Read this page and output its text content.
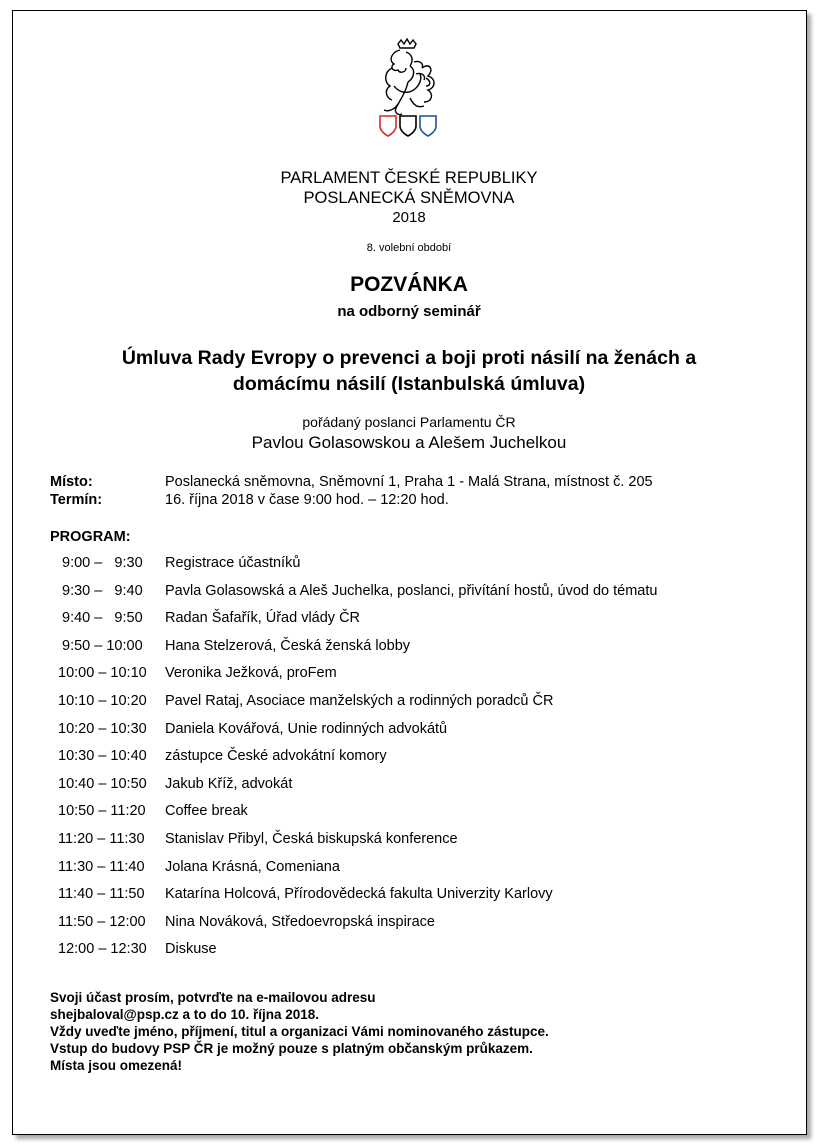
PARLAMENT ČESKÉ REPUBLIKY
POSLANECKÁ SNĚMOVNA
2018
8. volební období
POZVÁNKA
na odborný seminář
Úmluva Rady Evropy o prevenci a boji proti násilí na ženách a
domácímu násilí (Istanbulská úmluva)
pořádaný poslanci Parlamentu ČR
Pavlou Golasowskou a Alešem Juchelkou
Místo:	Poslanecká sněmovna, Sněmovní 1, Praha 1 - Malá Strana, místnost č. 205
Termín:	16. října 2018 v čase 9:00 hod. – 12:20 hod.
PROGRAM:
9:00 –   9:30	Registrace účastníků
9:30 –   9:40	Pavla Golasowská a Aleš Juchelka, poslanci, přivítání hostů, úvod do tématu
9:40 –   9:50	Radan Šafařík, Úřad vlády ČR
9:50 – 10:00	Hana Stelzerová, Česká ženská lobby
10:00 – 10:10 Veronika Ježková, proFem
10:10 – 10:20 Pavel Rataj, Asociace manželských a rodinných poradců ČR
10:20 – 10:30 Daniela Kovářová, Unie rodinných advokátů
10:30 – 10:40 zástupce České advokátní komory
10:40 – 10:50 Jakub Kříž, advokát
10:50 – 11:20 Coffee break
11:20 – 11:30 Stanislav Přibyl, Česká biskupská konference
11:30 – 11:40 Jolana Krásná, Comeniana
11:40 – 11:50 Katarína Holcová, Přírodovědecká fakulta Univerzity Karlovy
11:50 – 12:00 Nina Nováková, Středoevropská inspirace
12:00 – 12:30 Diskuse
Svoji účast prosím, potvrďte na e-mailovou adresu
shejbaloval@psp.cz a to do 10. října 2018.
Vždy uveďte jméno, příjmení, titul a organizaci Vámi nominovaného zástupce.
Vstup do budovy PSP ČR je možný pouze s platným občanským průkazem.
Místa jsou omezená!
